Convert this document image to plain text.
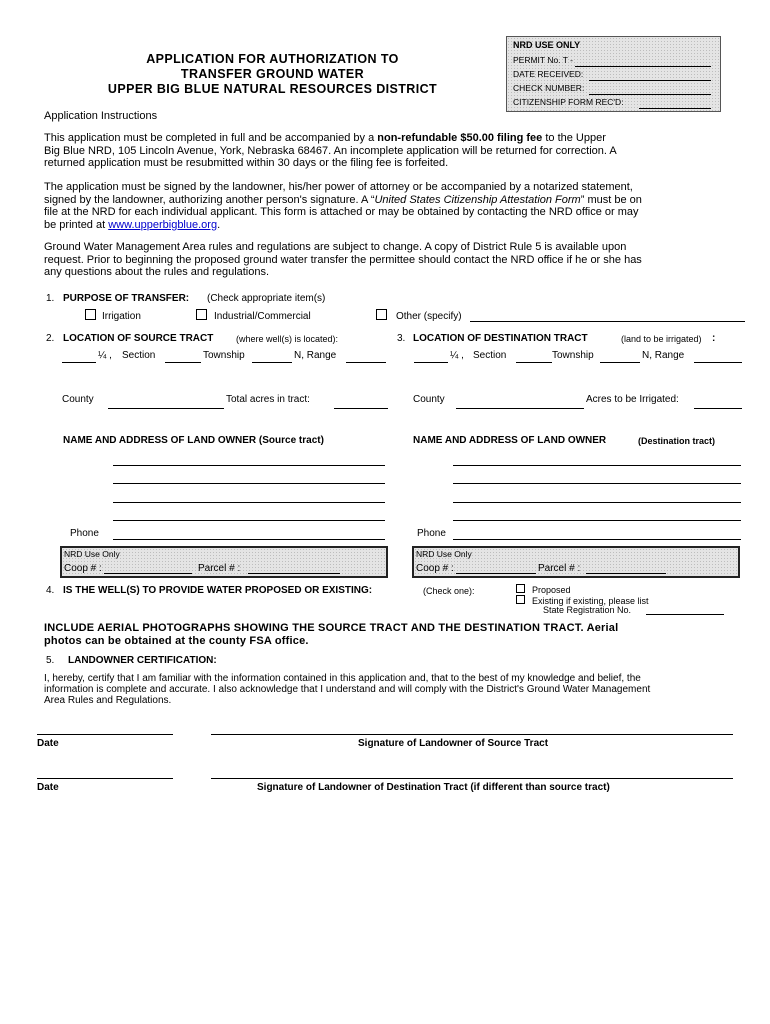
NRD USE ONLY
PERMIT No. T -
DATE RECEIVED:
CHECK NUMBER:
CITIZENSHIP FORM REC'D:
APPLICATION FOR AUTHORIZATION TO
TRANSFER GROUND WATER
UPPER BIG BLUE NATURAL RESOURCES DISTRICT
Application Instructions
This application must be completed in full and be accompanied by a non-refundable $50.00 filing fee to the Upper
Big Blue NRD, 105 Lincoln Avenue, York, Nebraska 68467. An incomplete application will be returned for correction. A
returned application must be resubmitted within 30 days or the filing fee is forfeited.
The application must be signed by the landowner, his/her power of attorney or be accompanied by a notarized statement,
signed by the landowner, authorizing another person's signature. A “United States Citizenship Attestation Form” must be on
file at the NRD for each individual applicant. This form is attached or may be obtained by contacting the NRD office or may
be printed at www.upperbigblue.org.
Ground Water Management Area rules and regulations are subject to change. A copy of District Rule 5 is available upon
request. Prior to beginning the proposed ground water transfer the permittee should contact the NRD office if he or she has
any questions about the rules and regulations.
1. PURPOSE OF TRANSFER: (Check appropriate item(s)
Irrigation	Industrial/Commercial	Other (specify)
2. LOCATION OF SOURCE TRACT	(where well(s) is located):
¼ , Section	Township	N, Range
County	Total acres in tract:
NAME AND ADDRESS OF LAND OWNER (Source tract)
Phone
3. LOCATION OF DESTINATION TRACT	(land to be irrigated) :
¼ , Section	Township	N, Range
County	Acres to be Irrigated:
NAME AND ADDRESS OF LAND OWNER	(Destination tract)
Phone
NRD Use Only
Coop # :	Parcel # :
NRD Use Only
Coop # :	Parcel # :
4. IS THE WELL(S) TO PROVIDE WATER PROPOSED OR EXISTING:	(Check one):	Proposed
Existing if existing, please list
State Registration No.
INCLUDE AERIAL PHOTOGRAPHS SHOWING THE SOURCE TRACT AND THE DESTINATION TRACT. Aerial
photos can be obtained at the county FSA office.
5. LANDOWNER CERTIFICATION:
I, hereby, certify that I am familiar with the information contained in this application and, that to the best of my knowledge and belief, the
information is complete and accurate. I also acknowledge that I understand and will comply with the District's Ground Water Management
Area Rules and Regulations.
Date	Signature of Landowner of Source Tract
Date	Signature of Landowner of Destination Tract (if different than source tract)
